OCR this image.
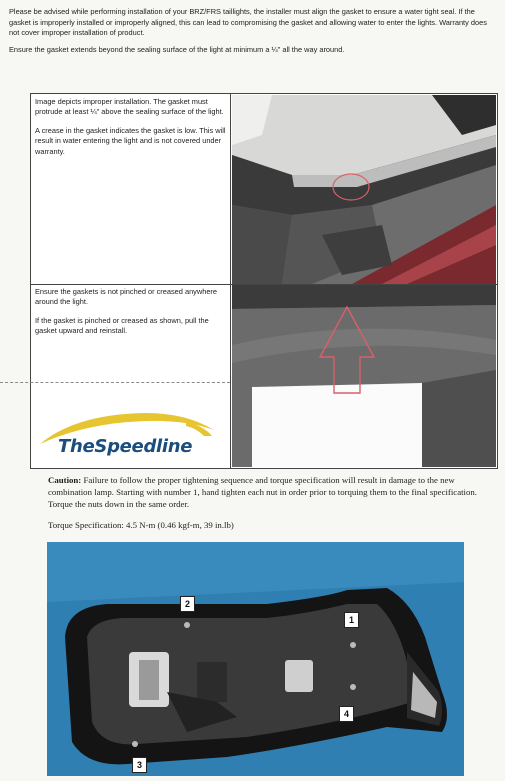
Please be advised while performing installation of your BRZ/FRS taillights, the installer must align the gasket to ensure a water tight seal. If the gasket is improperly installed or improperly aligned, this can lead to compromising the gasket and allowing water to enter the lights. Warranty does not cover improper installation of product.

Ensure the gasket extends beyond the sealing surface of the light at minimum a ¼" all the way around.

Image depicts improper installation. The gasket must protrude at least ¼" above the sealing surface of the light.

A crease in the gasket indicates the gasket is low. This will result in water entering the light and is not covered under warranty.

Ensure the gaskets is not pinched or creased anywhere around the light.

If the gasket is pinched or creased as shown, pull the gasket upward and reinstall.

TheSpeedline
Caution: Failure to follow the proper tightening sequence and torque specification will result in damage to the new combination lamp. Starting with number 1, hand tighten each nut in order prior to torquing them to the final specification. Torque the nuts down in the same order.
Torque Specification: 4.5 N-m (0.46 kgf-m, 39 in.lb)
2
1
4
3
